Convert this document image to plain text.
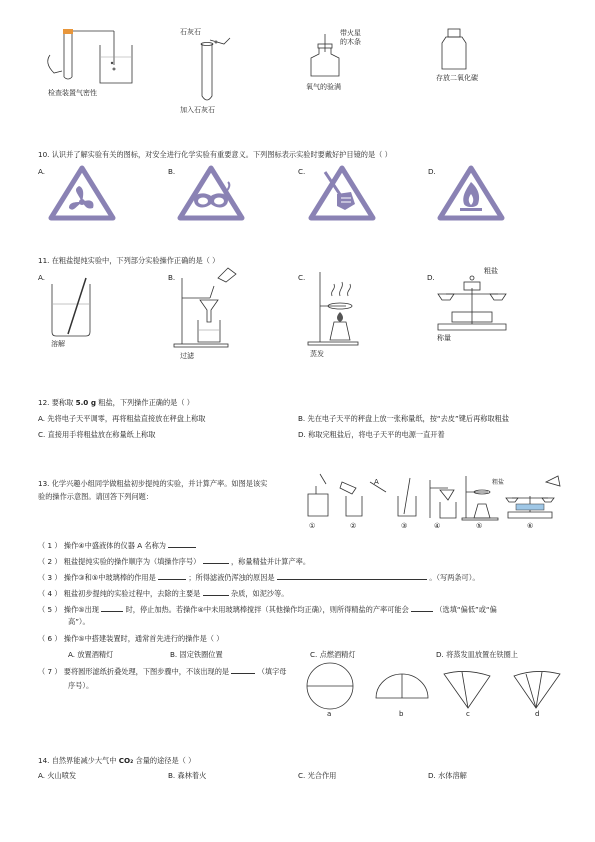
检查装置气密性
石灰石
加入石灰石
带火星
的木条
氧气的验满
存放二氧化碳
10. 认识并了解实验有关的图标，对安全进行化学实验有重要意义。下列图标表示实验时要戴好护目镜的是（ ）
A.	B.	C.	D.
11. 在粗盐提纯实验中，下列部分实验操作正确的是（ ）
A.
溶解
B.
过滤
C.
蒸发
D.
粗盐
称量
12. 要称取 5.0 g 粗盐，下列操作正确的是（ ）
A. 先将电子天平调零，再将粗盐直接放在秤盘上称取	B. 先在电子天平的秤盘上放一张称量纸，按“去皮”键后再称取粗盐
C. 直接用手将粗盐放在称量纸上称取	D. 称取完粗盐后，将电子天平的电源一直开着
13. 化学兴趣小组同学做粗盐初步提纯的实验，并计算产率。如图是该实
验的操作示意图。请回答下列问题：
A	粗盐
①	②	③	④	⑤	⑥
（ 1 ） 操作④中盛液体的仪器 A 名称为
（ 2 ） 粗盐提纯实验的操作顺序为（填操作序号）	，称量精盐并计算产率。
（ 3 ） 操作③和⑤中玻璃棒的作用是	；所得滤液仍浑浊的原因是	。（写两条可）。
（ 4 ） 粗盐初步提纯的实验过程中，去除的主要是	杂质，如泥沙等。
（ 5 ） 操作⑤出现	时，停止加热。若操作④中未用玻璃棒搅拌（其他操作均正确），则所得精盐的产率可能会	（选填“偏低”或“偏
高”）。
（ 6 ） 操作⑤中搭建装置时，通常首先进行的操作是（ ）
A. 放置酒精灯	B. 固定铁圈位置	C. 点燃酒精灯	D. 将蒸发皿放置在铁圈上
（ 7 ） 要将圆形滤纸折叠处理，下图步骤中，不该出现的是	（填字母
序号）。
a	b	c	d
14. 自然界能减少大气中 CO₂ 含量的途径是（ ）
A. 火山喷发	B. 森林着火	C. 光合作用	D. 水体溶解
